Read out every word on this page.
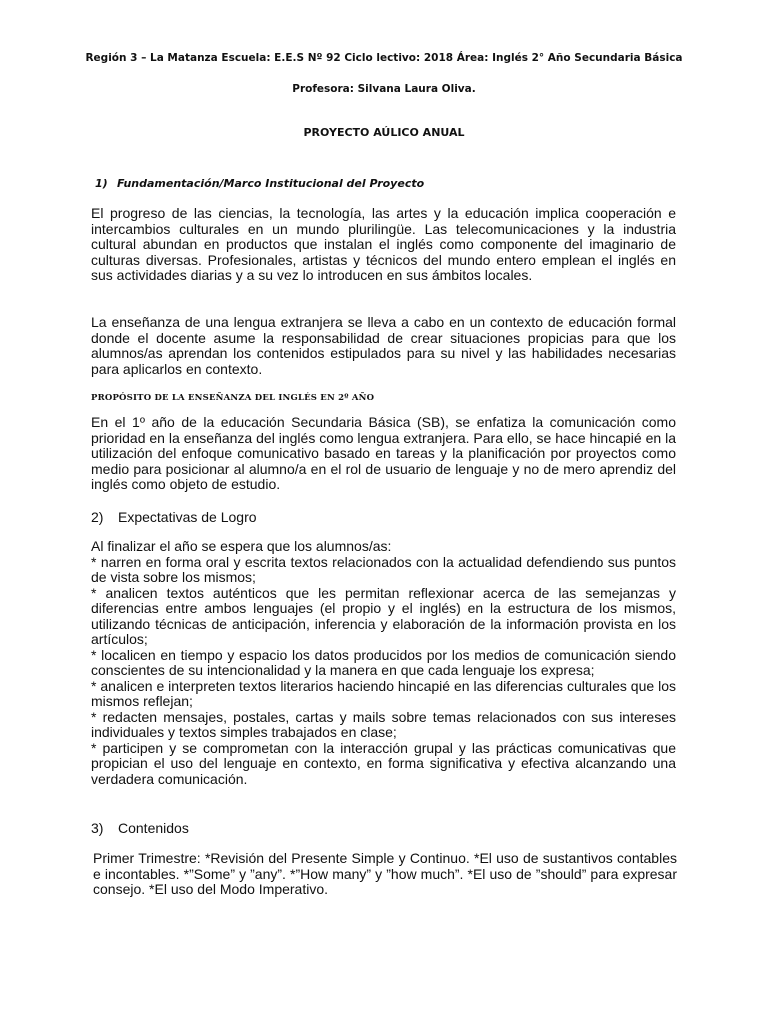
Región 3 – La Matanza Escuela: E.E.S Nº 92 Ciclo lectivo: 2018 Área: Inglés 2° Año Secundaria Básica
Profesora: Silvana Laura Oliva.
PROYECTO AÚLICO ANUAL
1) Fundamentación/Marco Institucional del Proyecto

El progreso de las ciencias, la tecnología, las artes y la educación implica cooperación e intercambios culturales en un mundo plurilingüe. Las telecomunicaciones y la industria cultural abundan en productos que instalan el inglés como componente del imaginario de culturas diversas. Profesionales, artistas y técnicos del mundo entero emplean el inglés en sus actividades diarias y a su vez lo introducen en sus ámbitos locales.

La enseñanza de una lengua extranjera se lleva a cabo en un contexto de educación formal donde el docente asume la responsabilidad de crear situaciones propicias para que los alumnos/as aprendan los contenidos estipulados para su nivel y las habilidades necesarias para aplicarlos en contexto.

PROPÓSITO DE LA ENSEÑANZA DEL INGLÉS EN 2º AÑO

En el 1º año de la educación Secundaria Básica (SB), se enfatiza la comunicación como prioridad en la enseñanza del inglés como lengua extranjera. Para ello, se hace hincapié en la utilización del enfoque comunicativo basado en tareas y la planificación por proyectos como medio para posicionar al alumno/a en el rol de usuario de lenguaje y no de mero aprendiz del inglés como objeto de estudio.

2) Expectativas de Logro
Al finalizar el año se espera que los alumnos/as:
* narren en forma oral y escrita textos relacionados con la actualidad defendiendo sus puntos de vista sobre los mismos;
* analicen textos auténticos que les permitan reflexionar acerca de las semejanzas y diferencias entre ambos lenguajes (el propio y el inglés) en la estructura de los mismos, utilizando técnicas de anticipación, inferencia y elaboración de la información provista en los artículos;
* localicen en tiempo y espacio los datos producidos por los medios de comunicación siendo conscientes de su intencionalidad y la manera en que cada lenguaje los expresa;
* analicen e interpreten textos literarios haciendo hincapié en las diferencias culturales que los mismos reflejan;
* redacten mensajes, postales, cartas y mails sobre temas relacionados con sus intereses individuales y textos simples trabajados en clase;
* participen y se comprometan con la interacción grupal y las prácticas comunicativas que propician el uso del lenguaje en contexto, en forma significativa y efectiva alcanzando una verdadera comunicación.
3) Contenidos

Primer Trimestre: *Revisión del Presente Simple y Continuo. *El uso de sustantivos contables e incontables. *”Some” y ”any”. *”How many” y ”how much”. *El uso de ”should” para expresar consejo. *El uso del Modo Imperativo.
